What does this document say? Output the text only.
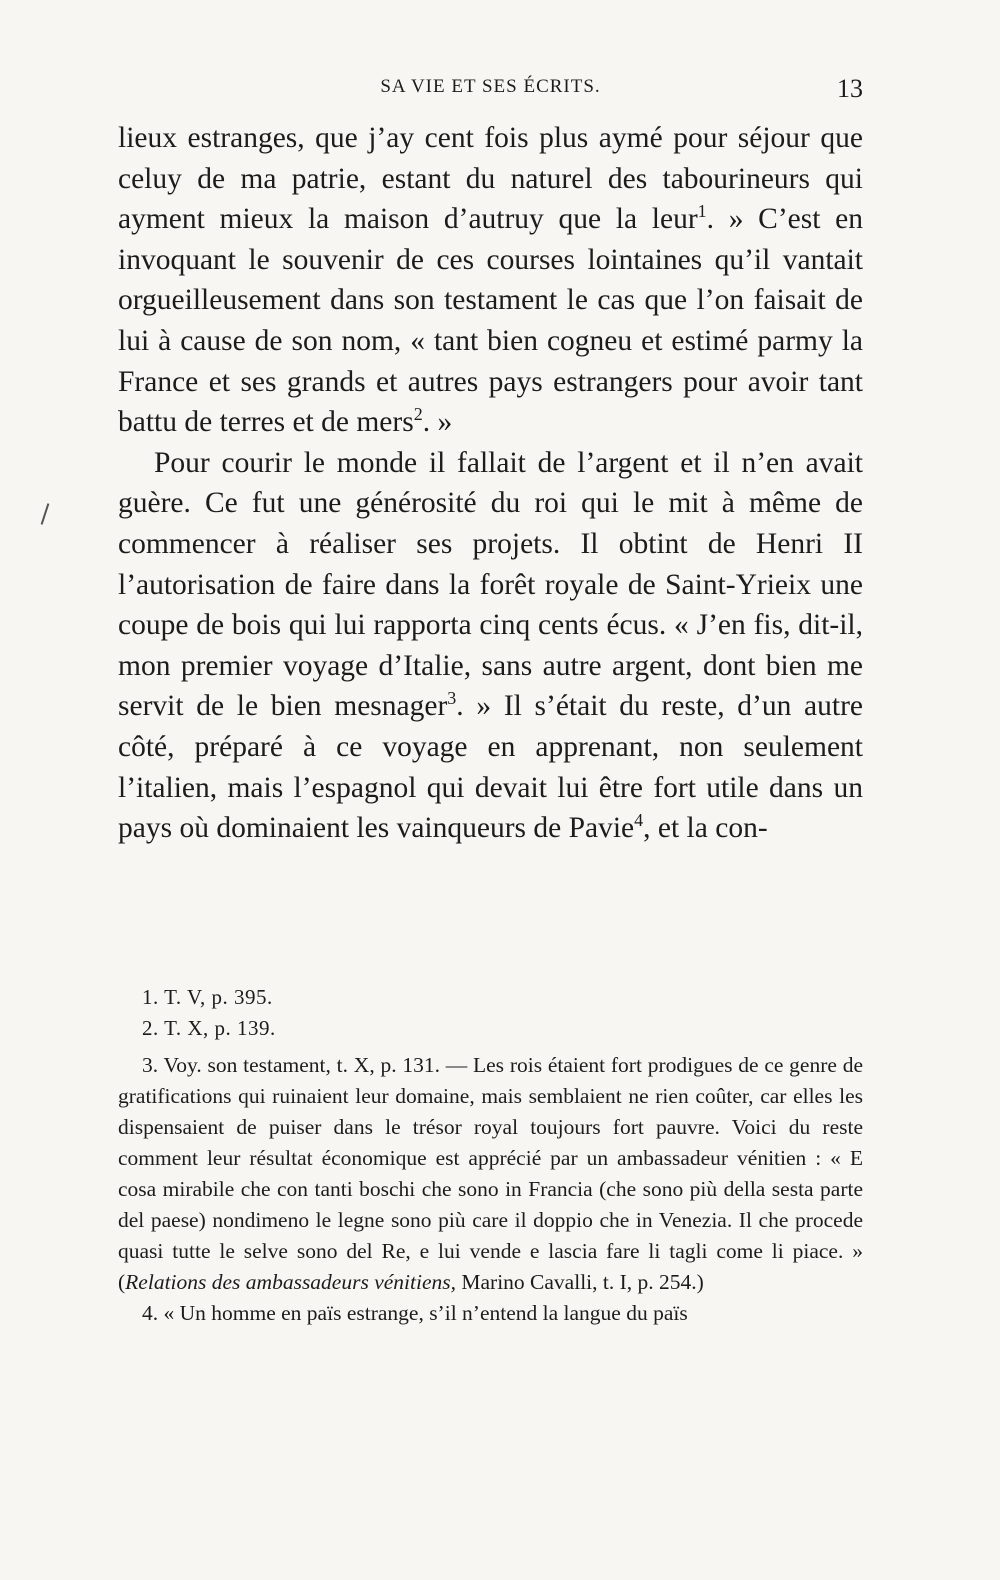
SA VIE ET SES ÉCRITS.	13

lieux estranges, que j’ay cent fois plus aymé pour séjour que celuy de ma patrie, estant du naturel des tabourineurs qui ayment mieux la maison d’autruy que la leur$^1$. » C’est en invoquant le souvenir de ces courses lointaines qu’il vantait orgueilleusement dans son testament le cas que l’on faisait de lui à cause de son nom, « tant bien cogneu et estimé parmy la France et ses grands et autres pays estrangers pour avoir tant battu de terres et de mers$^2$. »

Pour courir le monde il fallait de l’argent et il n’en avait guère. Ce fut une générosité du roi qui le mit à même de commencer à réaliser ses projets. Il obtint de Henri II l’autorisation de faire dans la forêt royale de Saint-Yrieix une coupe de bois qui lui rapporta cinq cents écus. « J’en fis, dit-il, mon premier voyage d’Italie, sans autre argent, dont bien me servit de le bien mesnager$^3$. » Il s’était du reste, d’un autre côté, préparé à ce voyage en apprenant, non seulement l’italien, mais l’espagnol qui devait lui être fort utile dans un pays où dominaient les vainqueurs de Pavie$^4$, et la con-

1. T. V, p. 395.

2. T. X, p. 139.

3. Voy. son testament, t. X, p. 131. — Les rois étaient fort prodigues de ce genre de gratifications qui ruinaient leur domaine, mais semblaient ne rien coûter, car elles les dispensaient de puiser dans le trésor royal toujours fort pauvre. Voici du reste comment leur résultat économique est apprécié par un ambassadeur vénitien : « E cosa mirabile che con tanti boschi che sono in Francia (che sono più della sesta parte del paese) nondimeno le legne sono più care il doppio che in Venezia. Il che procede quasi tutte le selve sono del Re, e lui vende e lascia fare li tagli come li piace. » (Relations des ambassadeurs vénitiens, Marino Cavalli, t. I, p. 254.)

4. « Un homme en païs estrange, s’il n’entend la langue du païs
